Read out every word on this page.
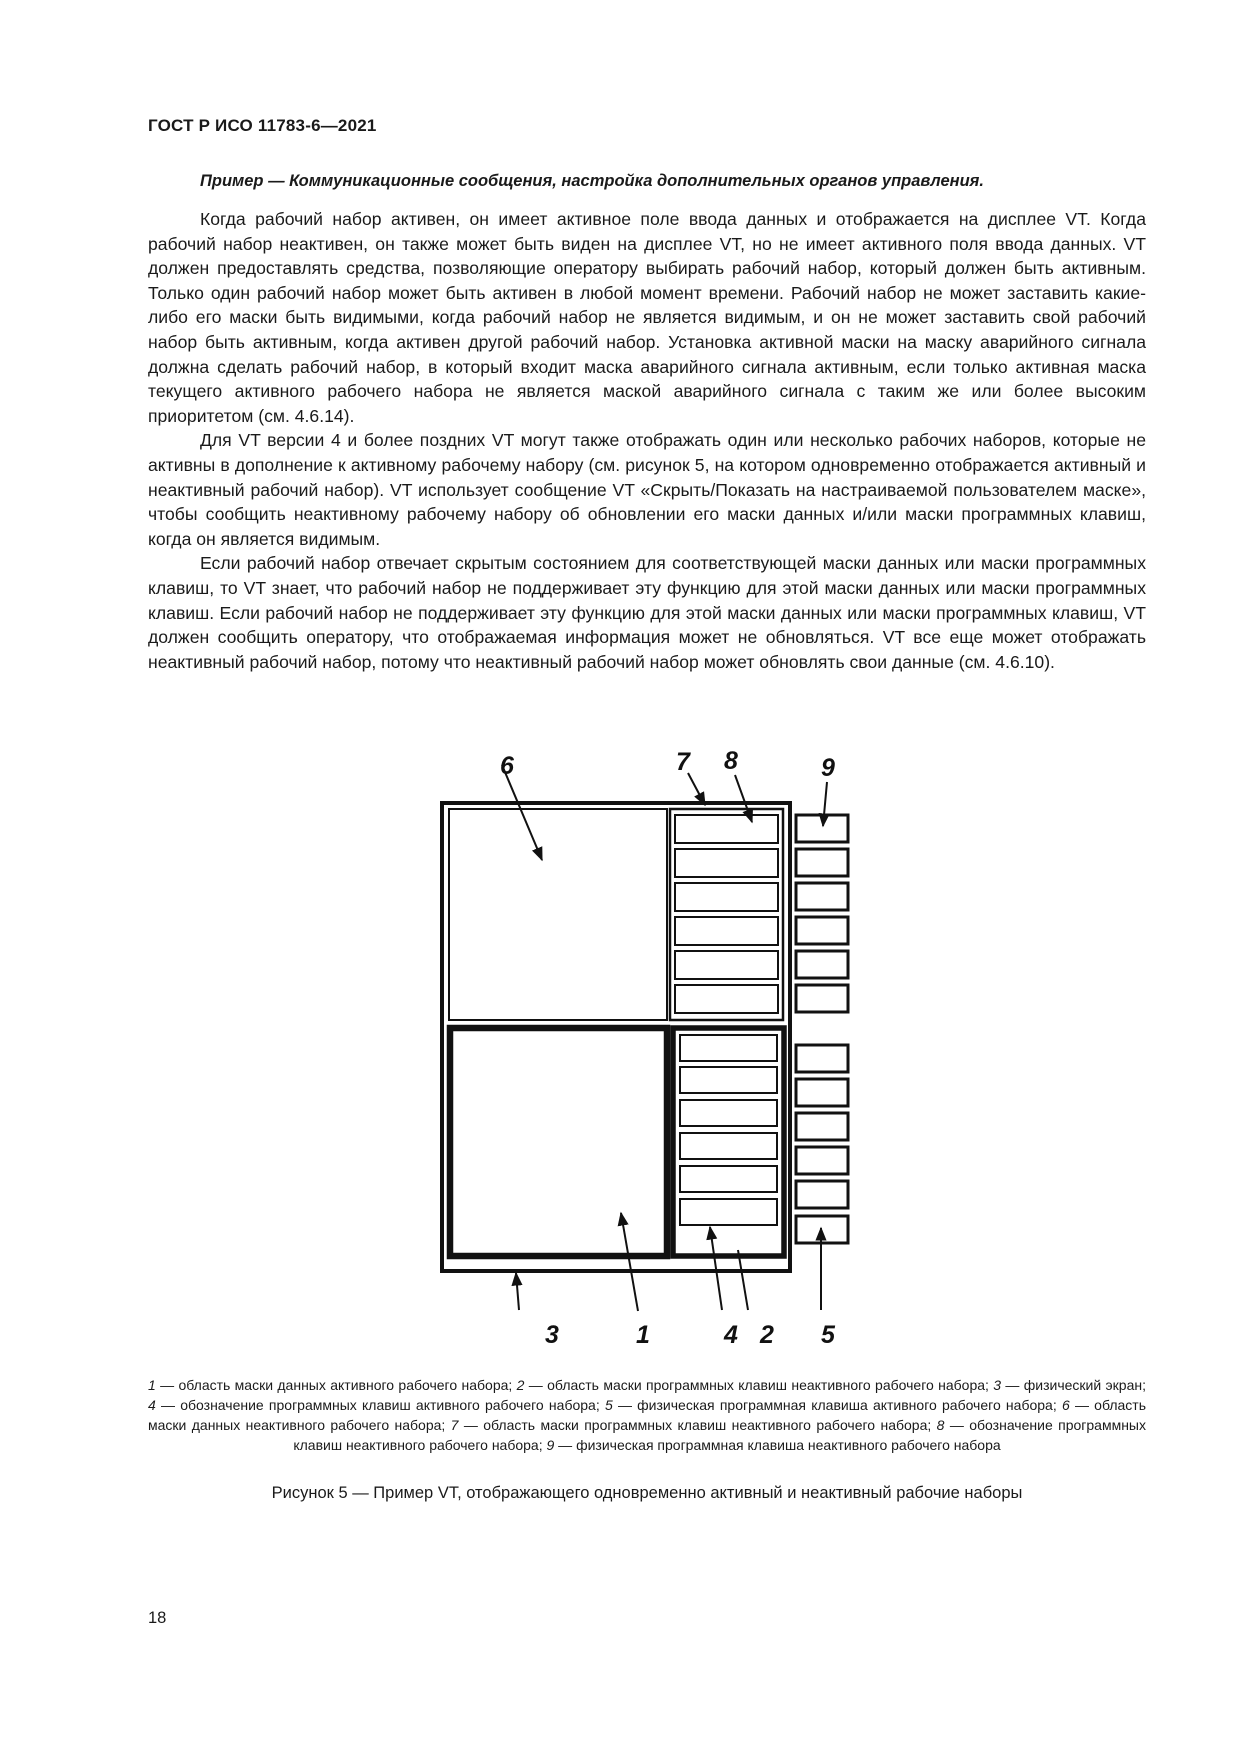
ГОСТ Р ИСО 11783-6—2021
Пример — Коммуникационные сообщения, настройка дополнительных органов управления.

Когда рабочий набор активен, он имеет активное поле ввода данных и отображается на дисплее VT. Когда рабочий набор неактивен, он также может быть виден на дисплее VT, но не имеет активного поля ввода данных. VT должен предоставлять средства, позволяющие оператору выбирать рабочий набор, который должен быть активным. Только один рабочий набор может быть активен в любой момент времени. Рабочий набор не может заставить какие-либо его маски быть видимыми, когда рабочий набор не является видимым, и он не может заставить свой рабочий набор быть активным, когда активен другой рабочий набор. Установка активной маски на маску аварийного сигнала должна сделать рабочий набор, в который входит маска аварийного сигнала активным, если только активная маска текущего активного рабочего набора не является маской аварийного сигнала с таким же или более высоким приоритетом (см. 4.6.14).

Для VT версии 4 и более поздних VT могут также отображать один или несколько рабочих наборов, которые не активны в дополнение к активному рабочему набору (см. рисунок 5, на котором одновременно отображается активный и неактивный рабочий набор). VT использует сообщение VT «Скрыть/Показать на настраиваемой пользователем маске», чтобы сообщить неактивному рабочему набору об обновлении его маски данных и/или маски программных клавиш, когда он является видимым.

Если рабочий набор отвечает скрытым состоянием для соответствующей маски данных или маски программных клавиш, то VT знает, что рабочий набор не поддерживает эту функцию для этой маски данных или маски программных клавиш. Если рабочий набор не поддерживает эту функцию для этой маски данных или маски программных клавиш, VT должен сообщить оператору, что отображаемая информация может не обновляться. VT все еще может отображать неактивный рабочий набор, потому что неактивный рабочий набор может обновлять свои данные (см. 4.6.10).

6	7 8	9
3	1	4 2 5
1 — область маски данных активного рабочего набора; 2 — область маски программных клавиш неактивного рабочего набора; 3 — физический экран; 4 — обозначение программных клавиш активного рабочего набора; 5 — физическая программная клавиша активного рабочего набора; 6 — область маски данных неактивного рабочего набора; 7 — область маски программных клавиш неактивного рабочего набора; 8 — обозначение программных клавиш неактивного рабочего набора; 9 — физическая программная клавиша неактивного рабочего набора
Рисунок 5 — Пример VT, отображающего одновременно активный и неактивный рабочие наборы
18
